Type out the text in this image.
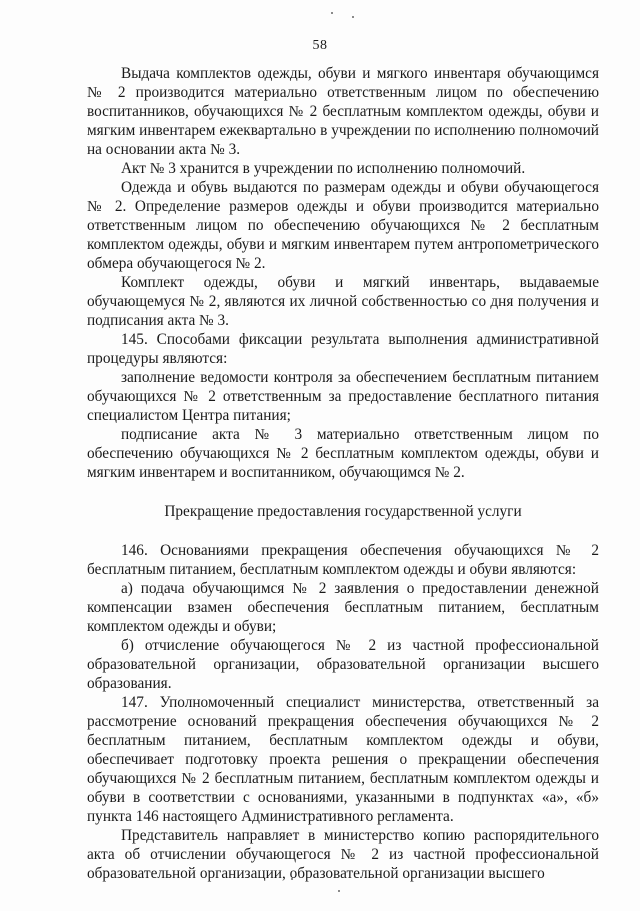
58

Выдача комплектов одежды, обуви и мягкого инвентаря обучающимся № 2 производится материально ответственным лицом по обеспечению воспитанников, обучающихся № 2 бесплатным комплектом одежды, обуви и мягким инвентарем ежеквартально в учреждении по исполнению полномочий на основании акта № 3.

Акт № 3 хранится в учреждении по исполнению полномочий.

Одежда и обувь выдаются по размерам одежды и обуви обучающегося № 2. Определение размеров одежды и обуви производится материально ответственным лицом по обеспечению обучающихся № 2 бесплатным комплектом одежды, обуви и мягким инвентарем путем антропометрического обмера обучающегося № 2.

Комплект одежды, обуви и мягкий инвентарь, выдаваемые обучающемуся № 2, являются их личной собственностью со дня получения и подписания акта № 3.

145. Способами фиксации результата выполнения административной процедуры являются:

заполнение ведомости контроля за обеспечением бесплатным питанием обучающихся № 2 ответственным за предоставление бесплатного питания специалистом Центра питания;

подписание акта № 3 материально ответственным лицом по обеспечению обучающихся № 2 бесплатным комплектом одежды, обуви и мягким инвентарем и воспитанником, обучающимся № 2.

Прекращение предоставления государственной услуги

146. Основаниями прекращения обеспечения обучающихся № 2 бесплатным питанием, бесплатным комплектом одежды и обуви являются:

а) подача обучающимся № 2 заявления о предоставлении денежной компенсации взамен обеспечения бесплатным питанием, бесплатным комплектом одежды и обуви;

б) отчисление обучающегося № 2 из частной профессиональной образовательной организации, образовательной организации высшего образования.

147. Уполномоченный специалист министерства, ответственный за рассмотрение оснований прекращения обеспечения обучающихся № 2 бесплатным питанием, бесплатным комплектом одежды и обуви, обеспечивает подготовку проекта решения о прекращении обеспечения обучающихся № 2 бесплатным питанием, бесплатным комплектом одежды и обуви в соответствии с основаниями, указанными в подпунктах «а», «б» пункта 146 настоящего Административного регламента.

Представитель направляет в министерство копию распорядительного акта об отчислении обучающегося № 2 из частной профессиональной образовательной организации, образовательной организации высшего
